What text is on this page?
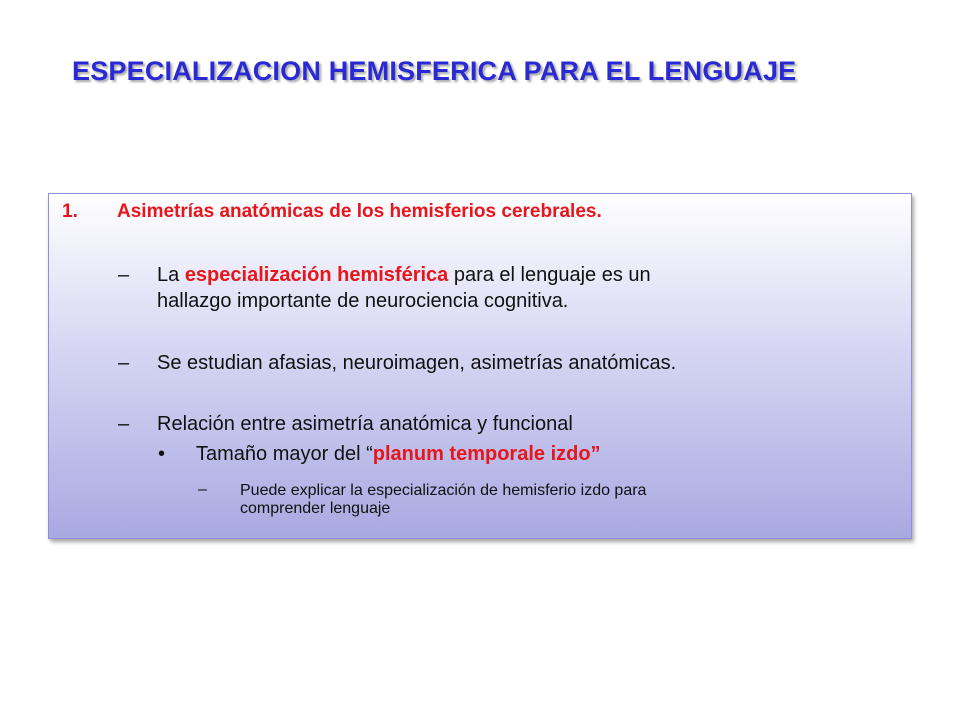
ESPECIALIZACION HEMISFERICA PARA EL LENGUAJE
1. Asimetrías anatómicas de los hemisferios cerebrales.
– La especialización hemisférica para el lenguaje es un
hallazgo importante de neurociencia cognitiva.
– Se estudian afasias, neuroimagen, asimetrías anatómicas.
– Relación entre asimetría anatómica y funcional
• Tamaño mayor del “planum temporale izdo”
– Puede explicar la especialización de hemisferio izdo para
comprender lenguaje
